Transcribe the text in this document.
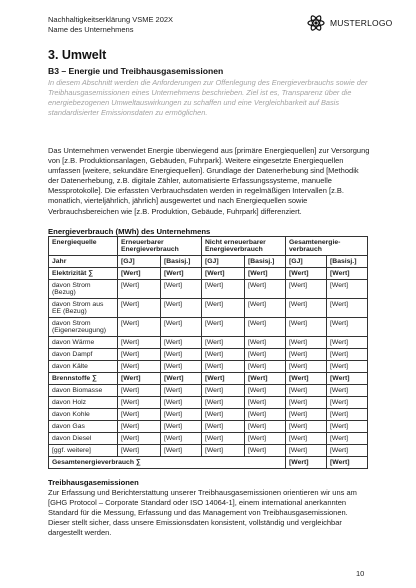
Nachhaltigkeitserklärung VSME 202X
Name des Unternehmens
MUSTERLOGO
3. Umwelt
B3 – Energie und Treibhausgasemissionen
In diesem Abschnitt werden die Anforderungen zur Offenlegung des Energieverbrauchs sowie der Treibhausgasemissionen eines Unternehmens beschrieben. Ziel ist es, Transparenz über die energiebezogenen Umweltauswirkungen zu schaffen und eine Vergleichbarkeit auf Basis standardisierter Emissionsdaten zu ermöglichen.
Das Unternehmen verwendet Energie überwiegend aus [primäre Energiequellen] zur Versorgung von [z.B. Produktionsanlagen, Gebäuden, Fuhrpark]. Weitere eingesetzte Energiequellen umfassen [weitere, sekundäre Energiequellen]. Grundlage der Datenerhebung sind [Methodik der Datenerhebung, z.B. digitale Zähler, automatisierte Erfassungssysteme, manuelle Messprotokolle]. Die erfassten Verbrauchsdaten werden in regelmäßigen Intervallen [z.B. monatlich, vierteljährlich, jährlich] ausgewertet und nach Energiequellen sowie Verbrauchsbereichen wie [z.B. Produktion, Gebäude, Fuhrpark] differenziert.
Energieverbrauch (MWh) des Unternehmens
Energiequelle	Erneuerbarer Energieverbrauch		Nicht erneuerbarer Energieverbrauch		Gesamtenergie-verbrauch	
Jahr	[GJ]	[Basisj.]	[GJ]	[Basisj.]	[GJ]	[Basisj.]
Elektrizität ∑	[Wert]	[Wert]	[Wert]	[Wert]	[Wert]	[Wert]
davon Strom (Bezug)	[Wert]	[Wert]	[Wert]	[Wert]	[Wert]	[Wert]
davon Strom aus EE (Bezug)	[Wert]	[Wert]	[Wert]	[Wert]	[Wert]	[Wert]
davon Strom (Eigenerzeugung)	[Wert]	[Wert]	[Wert]	[Wert]	[Wert]	[Wert]
davon Wärme	[Wert]	[Wert]	[Wert]	[Wert]	[Wert]	[Wert]
davon Dampf	[Wert]	[Wert]	[Wert]	[Wert]	[Wert]	[Wert]
davon Kälte	[Wert]	[Wert]	[Wert]	[Wert]	[Wert]	[Wert]
Brennstoffe ∑	[Wert]	[Wert]	[Wert]	[Wert]	[Wert]	[Wert]
davon Biomasse	[Wert]	[Wert]	[Wert]	[Wert]	[Wert]	[Wert]
davon Holz	[Wert]	[Wert]	[Wert]	[Wert]	[Wert]	[Wert]
davon Kohle	[Wert]	[Wert]	[Wert]	[Wert]	[Wert]	[Wert]
davon Gas	[Wert]	[Wert]	[Wert]	[Wert]	[Wert]	[Wert]
davon Diesel	[Wert]	[Wert]	[Wert]	[Wert]	[Wert]	[Wert]
[ggf. weitere]	[Wert]	[Wert]	[Wert]	[Wert]	[Wert]	[Wert]
Gesamtenergieverbrauch ∑					[Wert]	[Wert]
Treibhausgasemissionen
Zur Erfassung und Berichterstattung unserer Treibhausgasemissionen orientieren wir uns am [GHG Protocol – Corporate Standard oder ISO 14064-1], einem international anerkannten Standard für die Messung, Erfassung und das Management von Treibhausgasemissionen. Dieser stellt sicher, dass unsere Emissionsdaten konsistent, vollständig und vergleichbar dargestellt werden.
10
